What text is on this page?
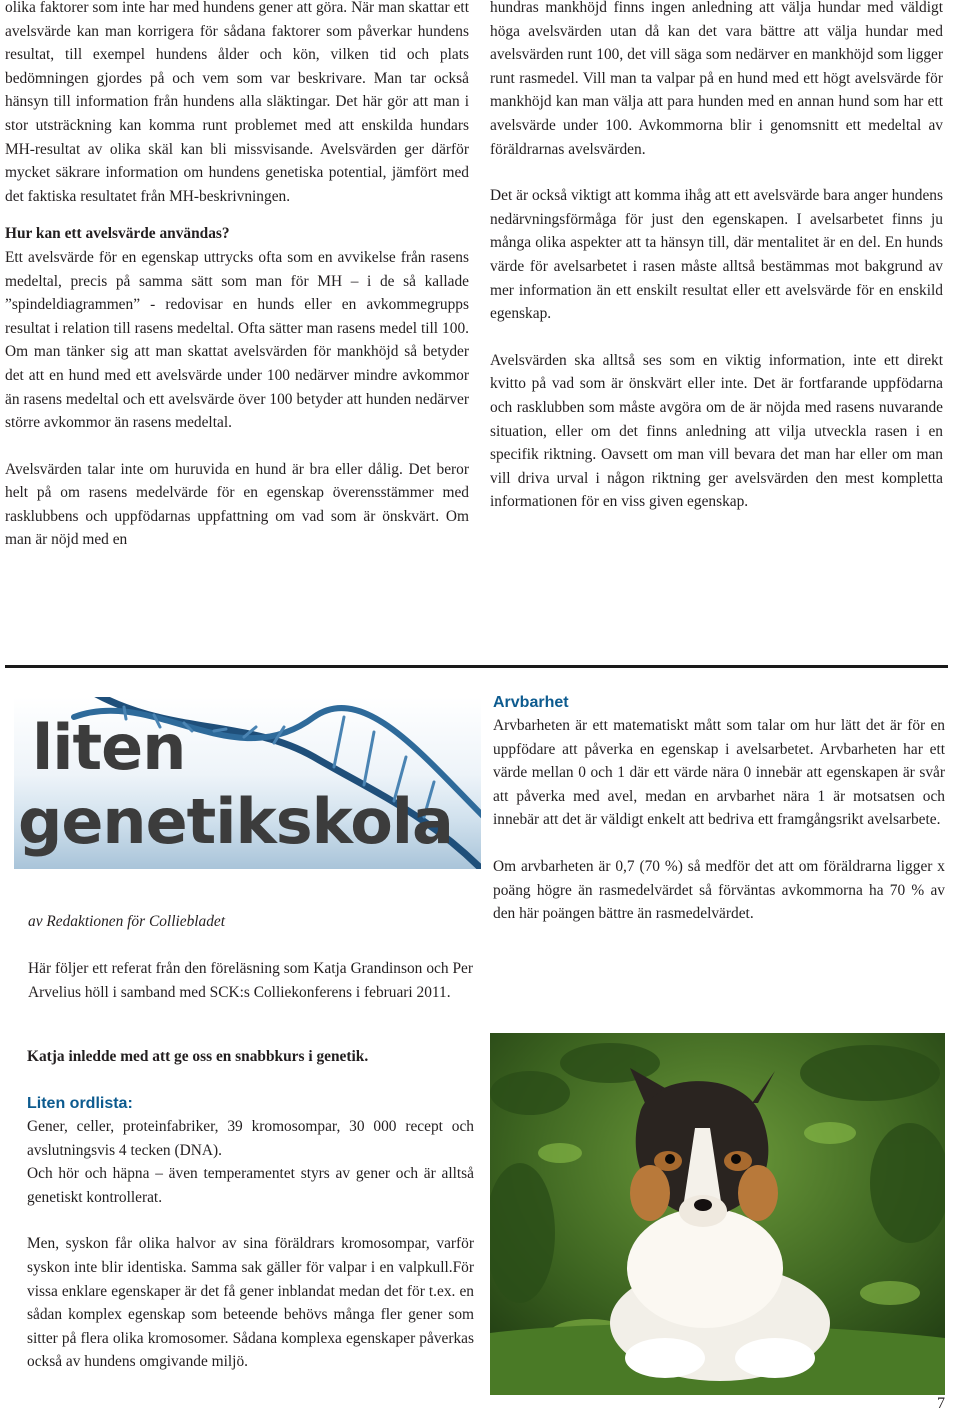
olika faktorer som inte har med hundens gener att göra. När man skattar ett avelsvärde kan man korrigera för sådana faktorer som påverkar hundens resultat, till exempel hundens ålder och kön, vilken tid och plats bedömningen gjordes på och vem som var beskrivare. Man tar också hänsyn till information från hundens alla släktingar. Det här gör att man i stor utsträckning kan komma runt problemet med att enskilda hundars MH-resultat av olika skäl kan bli missvisande. Avelsvärden ger därför mycket säkrare information om hundens genetiska potential, jämfört med det faktiska resultatet från MH-beskrivningen.

Hur kan ett avelsvärde användas?

Ett avelsvärde för en egenskap uttrycks ofta som en avvikelse från rasens medeltal, precis på samma sätt som man för MH – i de så kallade ”spindeldiagrammen” - redovisar en hunds eller en avkommegrupps resultat i relation till rasens medeltal. Ofta sätter man rasens medel till 100. Om man tänker sig att man skattat avelsvärden för mankhöjd så betyder det att en hund med ett avelsvärde under 100 nedärver mindre avkommor än rasens medeltal och ett avelsvärde över 100 betyder att hunden nedärver större avkommor än rasens medeltal.

Avelsvärden talar inte om huruvida en hund är bra eller dålig. Det beror helt på om rasens medelvärde för en egenskap överensstämmer med rasklubbens och uppfödarnas uppfattning om vad som är önskvärt. Om man är nöjd med en

hundras mankhöjd finns ingen anledning att välja hundar med väldigt höga avelsvärden utan då kan det vara bättre att välja hundar med avelsvärden runt 100, det vill säga som nedärver en mankhöjd som ligger runt rasmedel. Vill man ta valpar på en hund med ett högt avelsvärde för mankhöjd kan man välja att para hunden med en annan hund som har ett avelsvärde under 100. Avkommorna blir i genomsnitt ett medeltal av föräldrarnas avelsvärden.

Det är också viktigt att komma ihåg att ett avelsvärde bara anger hundens nedärvningsförmåga för just den egenskapen. I avelsarbetet finns ju många olika aspekter att ta hänsyn till, där mentalitet är en del. En hunds värde för avelsarbetet i rasen måste alltså bestämmas mot bakgrund av mer information än ett enskilt resultat eller ett avelsvärde för en enskild egenskap.

Avelsvärden ska alltså ses som en viktig information, inte ett direkt kvitto på vad som är önskvärt eller inte. Det är fortfarande uppfödarna och rasklubben som måste avgöra om de är nöjda med rasens nuvarande situation, eller om det finns anledning att vilja utveckla rasen i en specifik riktning. Oavsett om man vill bevara det man har eller om man vill driva urval i någon riktning ger avelsvärden den mest kompletta informationen för en viss given egenskap.

liten
genetikskola
av Redaktionen för Colliebladet
Här följer ett referat från den föreläsning som Katja Grandinson och Per Arvelius höll i samband med SCK:s Colliekonferens i februari 2011.
Katja inledde med att ge oss en snabbkurs i genetik.
Liten ordlista:

Gener, celler, proteinfabriker, 39 kromosompar, 30 000 recept och avslutningsvis 4 tecken (DNA).

Och hör och häpna – även temperamentet styrs av gener och är alltså genetiskt kontrollerat.

Men, syskon får olika halvor av sina föräldrars kromosompar, varför syskon inte blir identiska. Samma sak gäller för valpar i en valpkull.För vissa enklare egenskaper är det få gener inblandat medan det för t.ex. en sådan komplex egenskap som beteende behövs många fler gener som sitter på flera olika kromosomer. Sådana komplexa egenskaper påverkas också av hundens omgivande miljö.

Arvbarhet

Arvbarheten är ett matematiskt mått som talar om hur lätt det är för en uppfödare att påverka en egenskap i avelsarbetet. Arvbarheten har ett värde mellan 0 och 1 där ett värde nära 0 innebär att egenskapen är svår att påverka med avel, medan en arvbarhet nära 1 är motsatsen och innebär att det är väldigt enkelt att bedriva ett framgångsrikt avelsarbete.

Om arvbarheten är 0,7 (70 %) så medför det att om föräldrarna ligger x poäng högre än rasmedelvärdet så förväntas avkommorna ha 70 % av den här poängen bättre än rasmedelvärdet.

7
